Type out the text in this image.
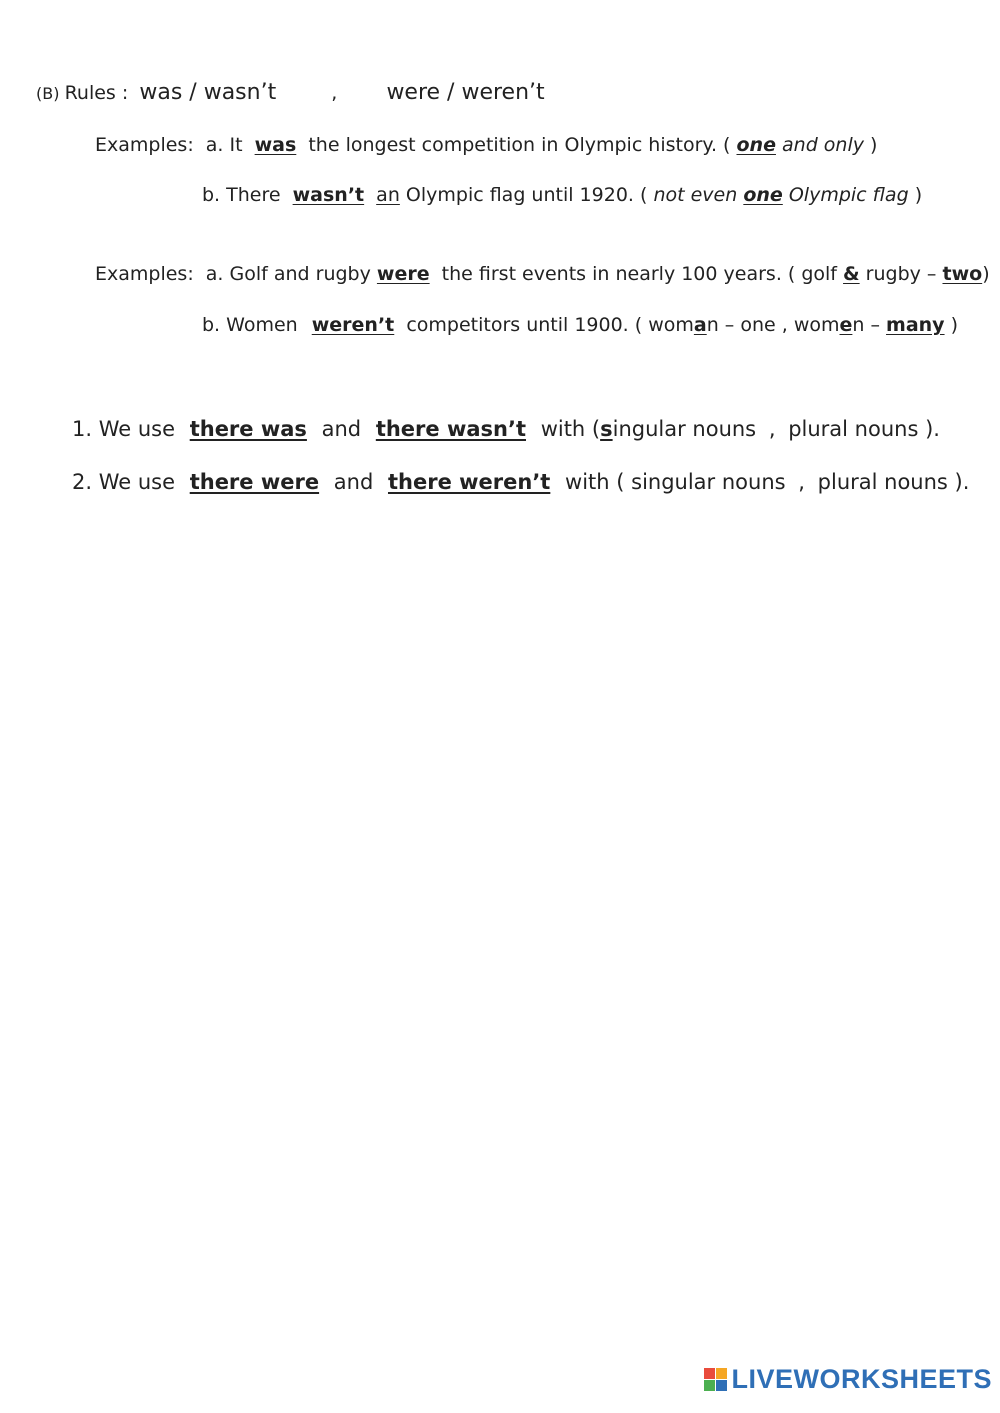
(B) Rules : was / wasn’t	, were / weren’t
Examples: a. It was the longest competition in Olympic history. ( one and only )
b. There wasn’t an Olympic flag until 1920. ( not even one Olympic flag )
Examples: a. Golf and rugby were the first events in nearly 100 years. ( golf & rugby – two)
b. Women weren’t competitors until 1900. ( woman – one , women – many )
1. We use there was and there wasn’t with (singular nouns , plural nouns ).
2. We use there were and there weren’t with ( singular nouns , plural nouns ).
LIVEWORKSHEETS
